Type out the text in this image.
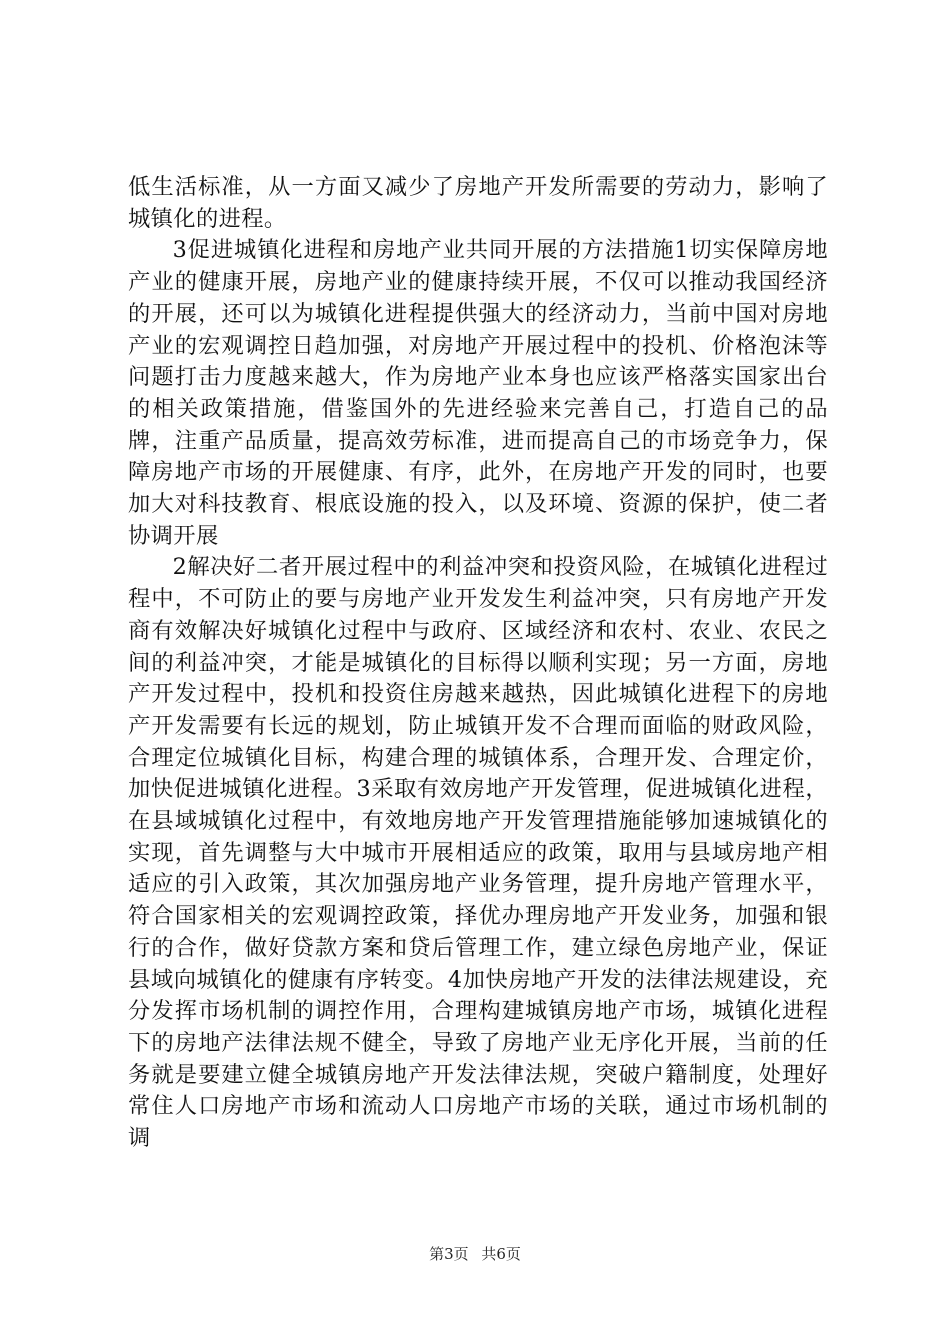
低生活标准，从一方面又减少了房地产开发所需要的劳动力，影响了城镇化的进程。

3促进城镇化进程和房地产业共同开展的方法措施1切实保障房地产业的健康开展，房地产业的健康持续开展，不仅可以推动我国经济的开展，还可以为城镇化进程提供强大的经济动力，当前中国对房地产业的宏观调控日趋加强，对房地产开展过程中的投机、价格泡沫等问题打击力度越来越大，作为房地产业本身也应该严格落实国家出台的相关政策措施，借鉴国外的先进经验来完善自己，打造自己的品牌，注重产品质量，提高效劳标准，进而提高自己的市场竞争力，保障房地产市场的开展健康、有序，此外，在房地产开发的同时，也要加大对科技教育、根底设施的投入，以及环境、资源的保护，使二者协调开展

2解决好二者开展过程中的利益冲突和投资风险，在城镇化进程过程中，不可防止的要与房地产业开发发生利益冲突，只有房地产开发商有效解决好城镇化过程中与政府、区域经济和农村、农业、农民之间的利益冲突，才能是城镇化的目标得以顺利实现；另一方面，房地产开发过程中，投机和投资住房越来越热，因此城镇化进程下的房地产开发需要有长远的规划，防止城镇开发不合理而面临的财政风险，合理定位城镇化目标，构建合理的城镇体系，合理开发、合理定价，加快促进城镇化进程。3采取有效房地产开发管理，促进城镇化进程，在县域城镇化过程中，有效地房地产开发管理措施能够加速城镇化的实现，首先调整与大中城市开展相适应的政策，取用与县域房地产相适应的引入政策，其次加强房地产业务管理，提升房地产管理水平，符合国家相关的宏观调控政策，择优办理房地产开发业务，加强和银行的合作，做好贷款方案和贷后管理工作，建立绿色房地产业，保证县域向城镇化的健康有序转变。4加快房地产开发的法律法规建设，充分发挥市场机制的调控作用，合理构建城镇房地产市场，城镇化进程下的房地产法律法规不健全，导致了房地产业无序化开展，当前的任务就是要建立健全城镇房地产开发法律法规，突破户籍制度，处理好常住人口房地产市场和流动人口房地产市场的关联，通过市场机制的调

第3页 共6页
